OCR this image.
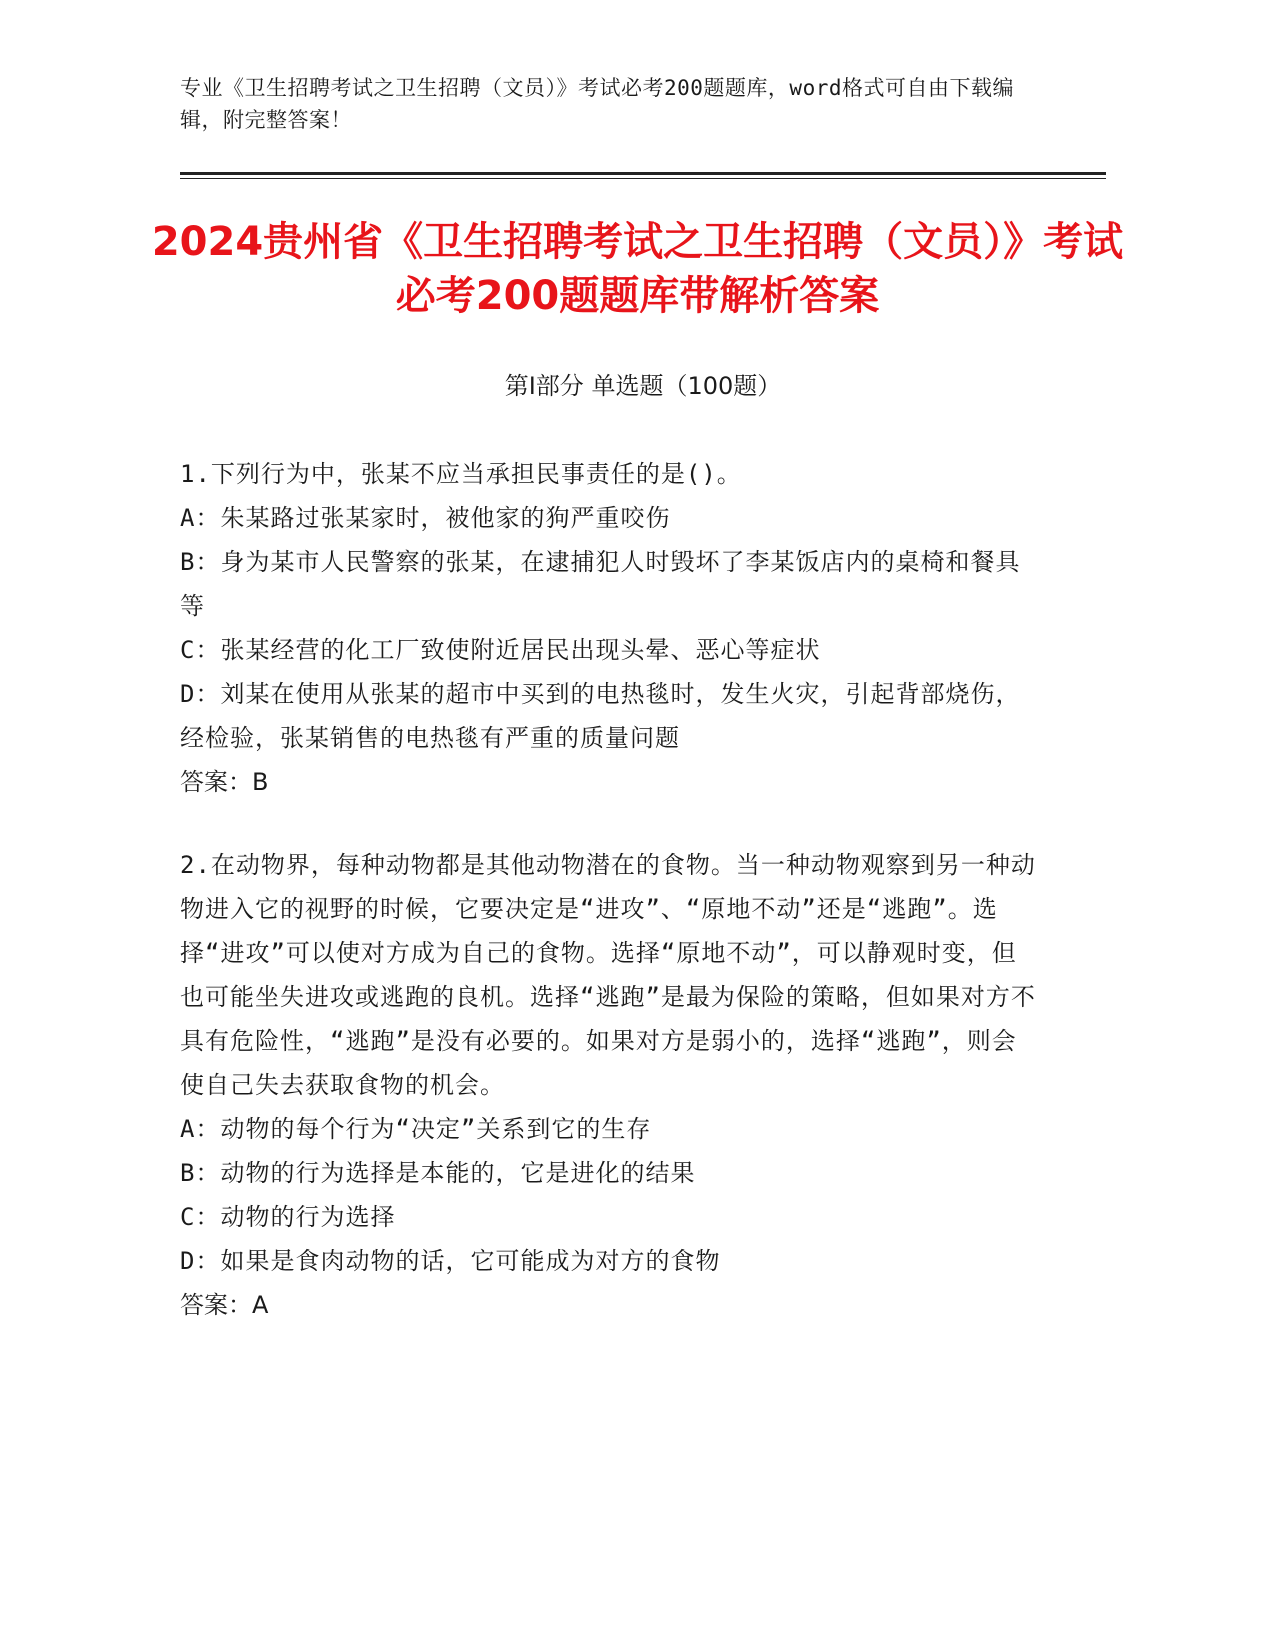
专业《卫生招聘考试之卫生招聘（文员）》考试必考200题题库，word格式可自由下载编辑，附完整答案！
2024贵州省《卫生招聘考试之卫生招聘（文员）》考试必考200题题库带解析答案
第Ⅰ部分 单选题（100题）

1.下列行为中，张某不应当承担民事责任的是()。

A：朱某路过张某家时，被他家的狗严重咬伤

B：身为某市人民警察的张某，在逮捕犯人时毁坏了李某饭店内的桌椅和餐具等

C：张某经营的化工厂致使附近居民出现头晕、恶心等症状

D：刘某在使用从张某的超市中买到的电热毯时，发生火灾，引起背部烧伤，经检验，张某销售的电热毯有严重的质量问题

答案：B

2.在动物界，每种动物都是其他动物潜在的食物。当一种动物观察到另一种动物进入它的视野的时候，它要决定是“进攻”、“原地不动”还是“逃跑”。选择“进攻”可以使对方成为自己的食物。选择“原地不动”，可以静观时变，但也可能坐失进攻或逃跑的良机。选择“逃跑”是最为保险的策略，但如果对方不具有危险性，“逃跑”是没有必要的。如果对方是弱小的，选择“逃跑”，则会使自己失去获取食物的机会。

A：动物的每个行为“决定”关系到它的生存

B：动物的行为选择是本能的，它是进化的结果

C：动物的行为选择

D：如果是食肉动物的话，它可能成为对方的食物

答案：A
